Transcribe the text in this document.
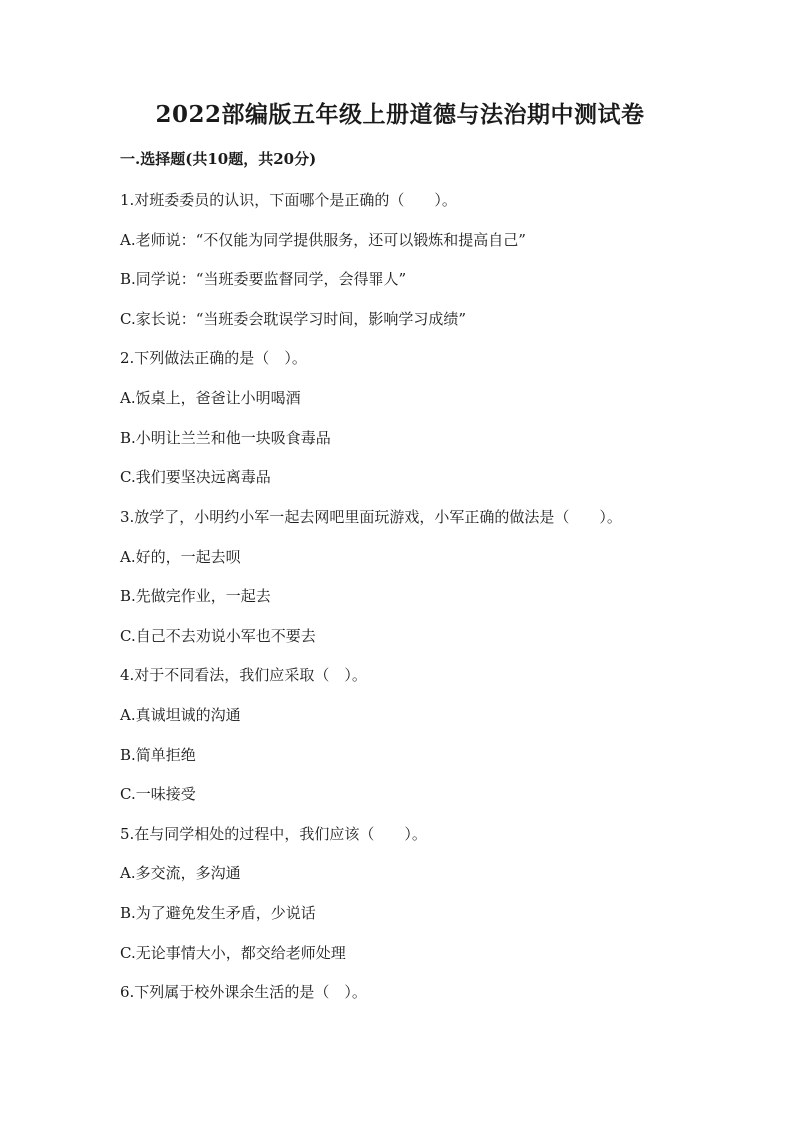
2022部编版五年级上册道德与法治期中测试卷
一.选择题(共10题，共20分)
1.对班委委员的认识，下面哪个是正确的（　　）。
A.老师说：“不仅能为同学提供服务，还可以锻炼和提高自己”
B.同学说：“当班委要监督同学，会得罪人”
C.家长说：“当班委会耽误学习时间，影响学习成绩”
2.下列做法正确的是（　）。
A.饭桌上，爸爸让小明喝酒
B.小明让兰兰和他一块吸食毒品
C.我们要坚决远离毒品
3.放学了，小明约小军一起去网吧里面玩游戏，小军正确的做法是（　　）。
A.好的，一起去呗
B.先做完作业，一起去
C.自己不去劝说小军也不要去
4.对于不同看法，我们应采取（　）。
A.真诚坦诚的沟通
B.简单拒绝
C.一味接受
5.在与同学相处的过程中，我们应该（　　）。
A.多交流，多沟通
B.为了避免发生矛盾，少说话
C.无论事情大小，都交给老师处理
6.下列属于校外课余生活的是（　）。
